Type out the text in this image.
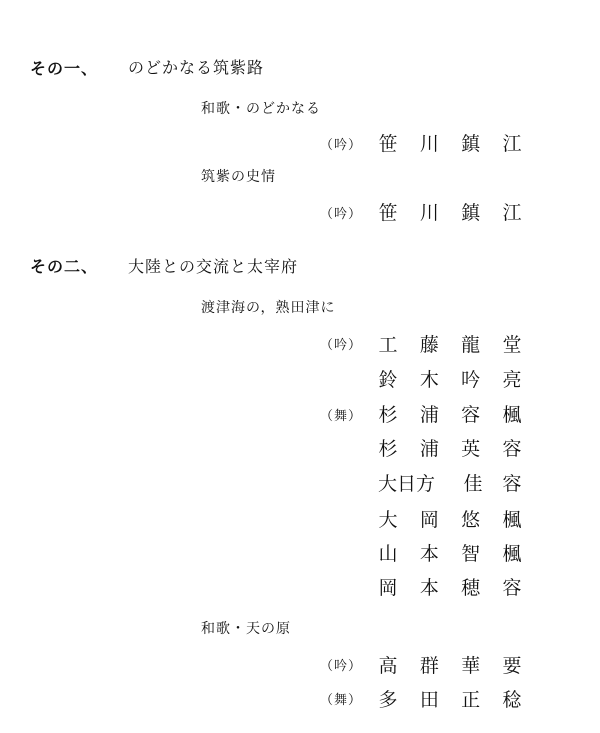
その一、 のどかなる筑紫路
和歌・のどかなる
（吟） 笹 川 鎮 江
筑紫の史情
（吟） 笹 川 鎮 江
その二、 大陸との交流と太宰府
渡津海の，熟田津に
（吟） 工 藤 龍 堂
鈴 木 吟 亮
（舞） 杉 浦 容 楓
杉 浦 英 容
大日方	佳 容
大 岡 悠 楓
山 本 智 楓
岡 本 穂 容
和歌・天の原
（吟） 高 群 華 要
（舞） 多 田 正 稔
